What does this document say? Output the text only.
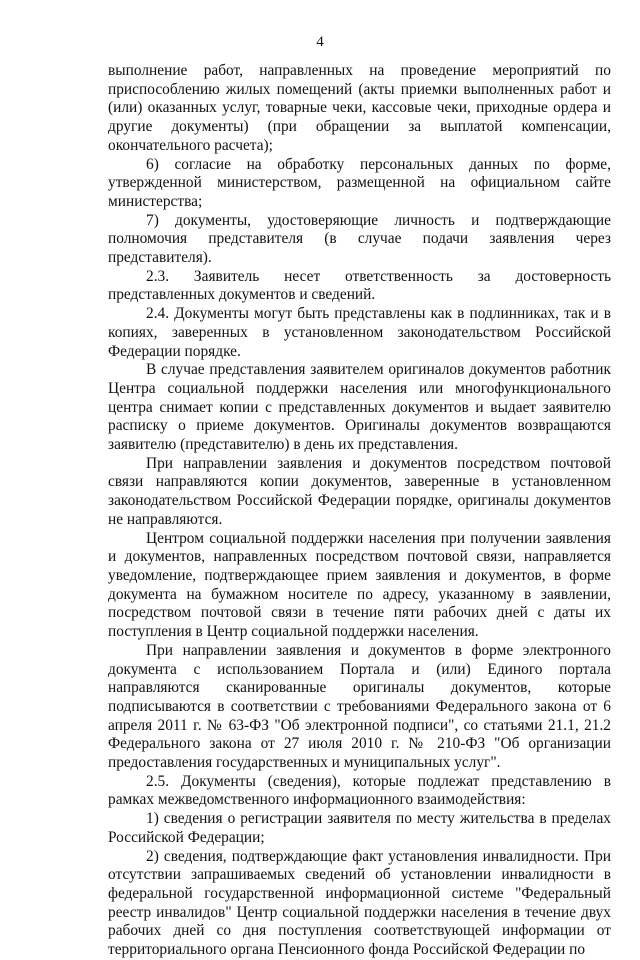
4

выполнение работ, направленных на проведение мероприятий по приспособлению жилых помещений (акты приемки выполненных работ и (или) оказанных услуг, товарные чеки, кассовые чеки, приходные ордера и другие документы) (при обращении за выплатой компенсации, окончательного расчета);

6) согласие на обработку персональных данных по форме, утвержденной министерством, размещенной на официальном сайте министерства;

7) документы, удостоверяющие личность и подтверждающие полномочия представителя (в случае подачи заявления через представителя).

2.3. Заявитель несет ответственность за достоверность представленных документов и сведений.

2.4. Документы могут быть представлены как в подлинниках, так и в копиях, заверенных в установленном законодательством Российской Федерации порядке.

В случае представления заявителем оригиналов документов работник Центра социальной поддержки населения или многофункционального центра снимает копии с представленных документов и выдает заявителю расписку о приеме документов. Оригиналы документов возвращаются заявителю (представителю) в день их представления.

При направлении заявления и документов посредством почтовой связи направляются копии документов, заверенные в установленном законодательством Российской Федерации порядке, оригиналы документов не направляются.

Центром социальной поддержки населения при получении заявления и документов, направленных посредством почтовой связи, направляется уведомление, подтверждающее прием заявления и документов, в форме документа на бумажном носителе по адресу, указанному в заявлении, посредством почтовой связи в течение пяти рабочих дней с даты их поступления в Центр социальной поддержки населения.

При направлении заявления и документов в форме электронного документа с использованием Портала и (или) Единого портала направляются сканированные оригиналы документов, которые подписываются в соответствии с требованиями Федерального закона от 6 апреля 2011 г. № 63-ФЗ "Об электронной подписи", со статьями 21.1, 21.2 Федерального закона от 27 июля 2010 г. № 210-ФЗ "Об организации предоставления государственных и муниципальных услуг".

2.5. Документы (сведения), которые подлежат представлению в рамках межведомственного информационного взаимодействия:

1) сведения о регистрации заявителя по месту жительства в пределах Российской Федерации;

2) сведения, подтверждающие факт установления инвалидности. При отсутствии запрашиваемых сведений об установлении инвалидности в федеральной государственной информационной системе "Федеральный реестр инвалидов" Центр социальной поддержки населения в течение двух рабочих дней со дня поступления соответствующей информации от территориального органа Пенсионного фонда Российской Федерации по
